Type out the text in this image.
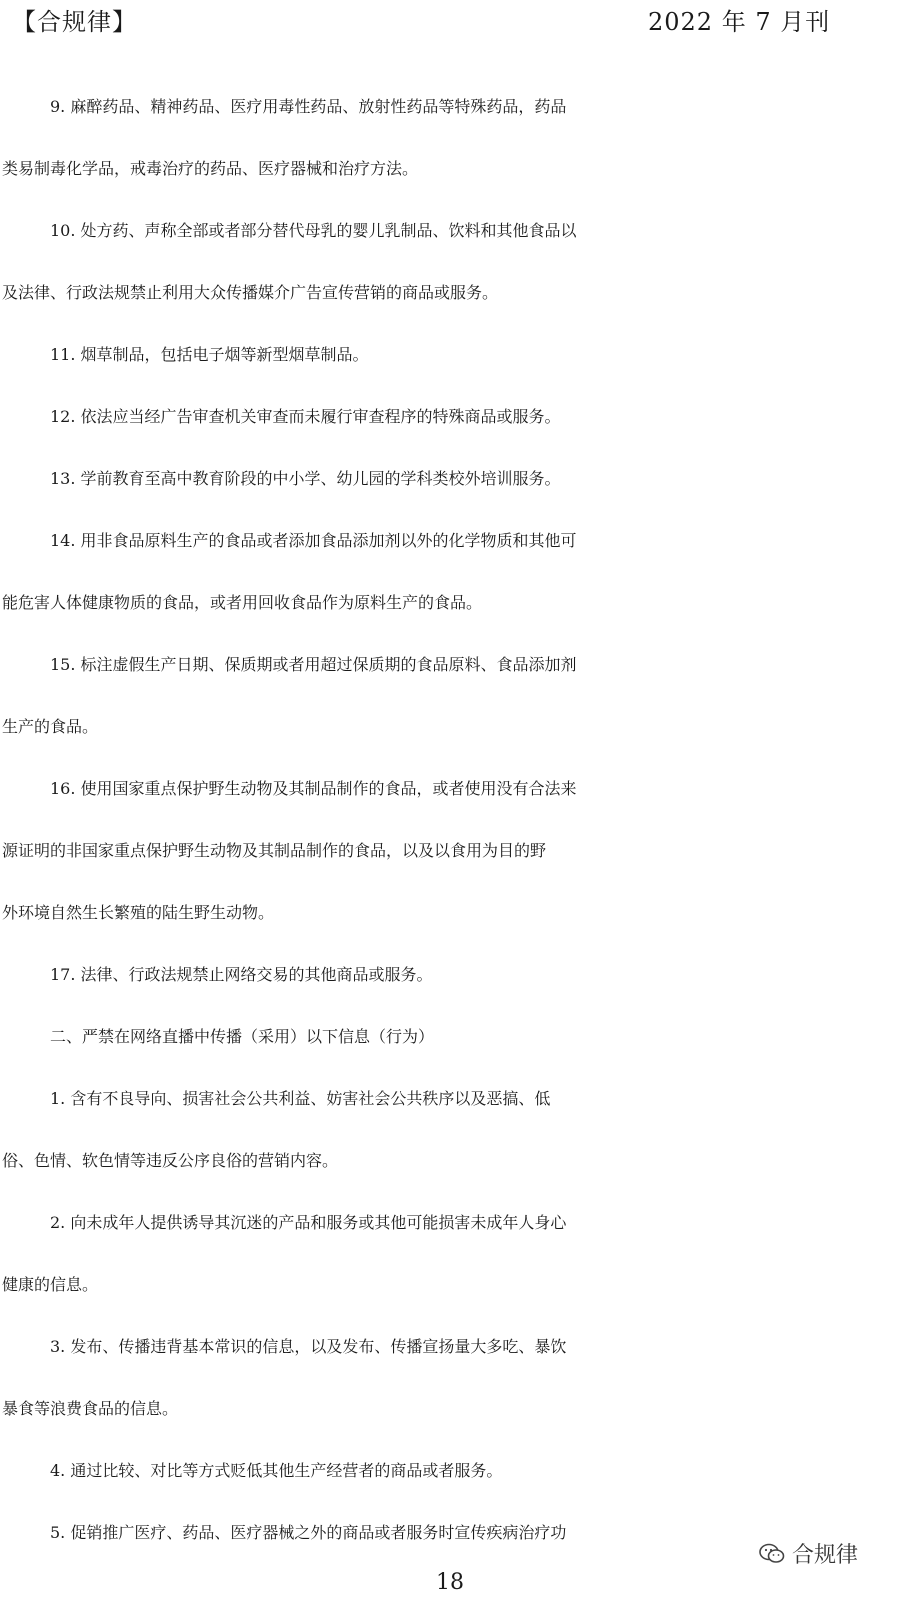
【合规律】	2022 年 7 月刊
9. 麻醉药品、精神药品、医疗用毒性药品、放射性药品等特殊药品，药品
类易制毒化学品，戒毒治疗的药品、医疗器械和治疗方法。
10. 处方药、声称全部或者部分替代母乳的婴儿乳制品、饮料和其他食品以
及法律、行政法规禁止利用大众传播媒介广告宣传营销的商品或服务。
11. 烟草制品，包括电子烟等新型烟草制品。
12. 依法应当经广告审查机关审查而未履行审查程序的特殊商品或服务。
13. 学前教育至高中教育阶段的中小学、幼儿园的学科类校外培训服务。
14. 用非食品原料生产的食品或者添加食品添加剂以外的化学物质和其他可
能危害人体健康物质的食品，或者用回收食品作为原料生产的食品。
15. 标注虚假生产日期、保质期或者用超过保质期的食品原料、食品添加剂
生产的食品。
16. 使用国家重点保护野生动物及其制品制作的食品，或者使用没有合法来
源证明的非国家重点保护野生动物及其制品制作的食品，以及以食用为目的野
外环境自然生长繁殖的陆生野生动物。
17. 法律、行政法规禁止网络交易的其他商品或服务。
二、严禁在网络直播中传播（采用）以下信息（行为）
1. 含有不良导向、损害社会公共利益、妨害社会公共秩序以及恶搞、低
俗、色情、软色情等违反公序良俗的营销内容。
2. 向未成年人提供诱导其沉迷的产品和服务或其他可能损害未成年人身心
健康的信息。
3. 发布、传播违背基本常识的信息，以及发布、传播宣扬量大多吃、暴饮
暴食等浪费食品的信息。
4. 通过比较、对比等方式贬低其他生产经营者的商品或者服务。
5. 促销推广医疗、药品、医疗器械之外的商品或者服务时宣传疾病治疗功
合规律
18
